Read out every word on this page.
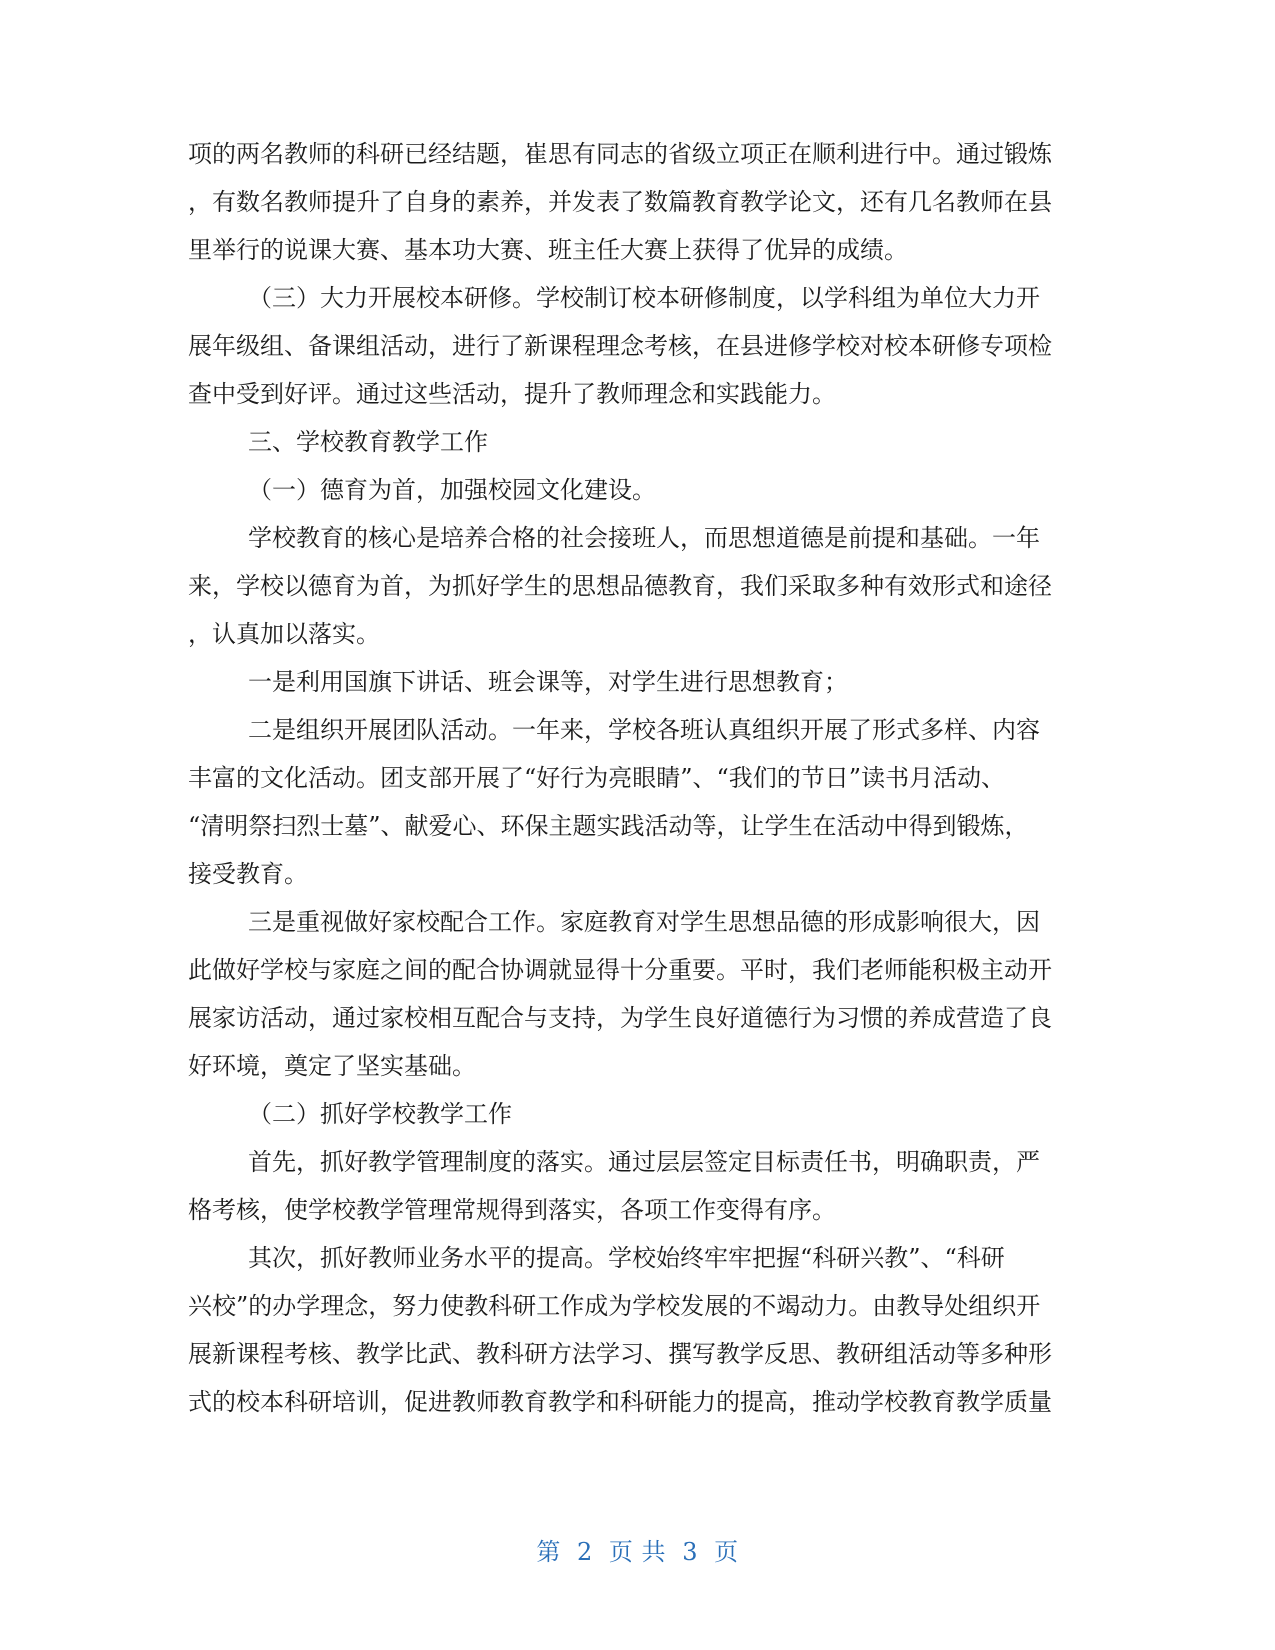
项的两名教师的科研已经结题，崔思有同志的省级立项正在顺利进行中。通过锻炼
，有数名教师提升了自身的素养，并发表了数篇教育教学论文，还有几名教师在县
里举行的说课大赛、基本功大赛、班主任大赛上获得了优异的成绩。
（三）大力开展校本研修。学校制订校本研修制度，以学科组为单位大力开
展年级组、备课组活动，进行了新课程理念考核，在县进修学校对校本研修专项检
查中受到好评。通过这些活动，提升了教师理念和实践能力。
三、学校教育教学工作
（一）德育为首，加强校园文化建设。
学校教育的核心是培养合格的社会接班人，而思想道德是前提和基础。一年
来，学校以德育为首，为抓好学生的思想品德教育，我们采取多种有效形式和途径
，认真加以落实。
一是利用国旗下讲话、班会课等，对学生进行思想教育；
二是组织开展团队活动。一年来，学校各班认真组织开展了形式多样、内容
丰富的文化活动。团支部开展了“好行为亮眼睛”、“我们的节日”读书月活动、
“清明祭扫烈士墓”、献爱心、环保主题实践活动等，让学生在活动中得到锻炼，
接受教育。
三是重视做好家校配合工作。家庭教育对学生思想品德的形成影响很大，因
此做好学校与家庭之间的配合协调就显得十分重要。平时，我们老师能积极主动开
展家访活动，通过家校相互配合与支持，为学生良好道德行为习惯的养成营造了良
好环境，奠定了坚实基础。
（二）抓好学校教学工作
首先，抓好教学管理制度的落实。通过层层签定目标责任书，明确职责，严
格考核，使学校教学管理常规得到落实，各项工作变得有序。
其次，抓好教师业务水平的提高。学校始终牢牢把握“科研兴教”、“科研
兴校”的办学理念，努力使教科研工作成为学校发展的不竭动力。由教导处组织开
展新课程考核、教学比武、教科研方法学习、撰写教学反思、教研组活动等多种形
式的校本科研培训，促进教师教育教学和科研能力的提高，推动学校教育教学质量
第 2 页 共 3 页
